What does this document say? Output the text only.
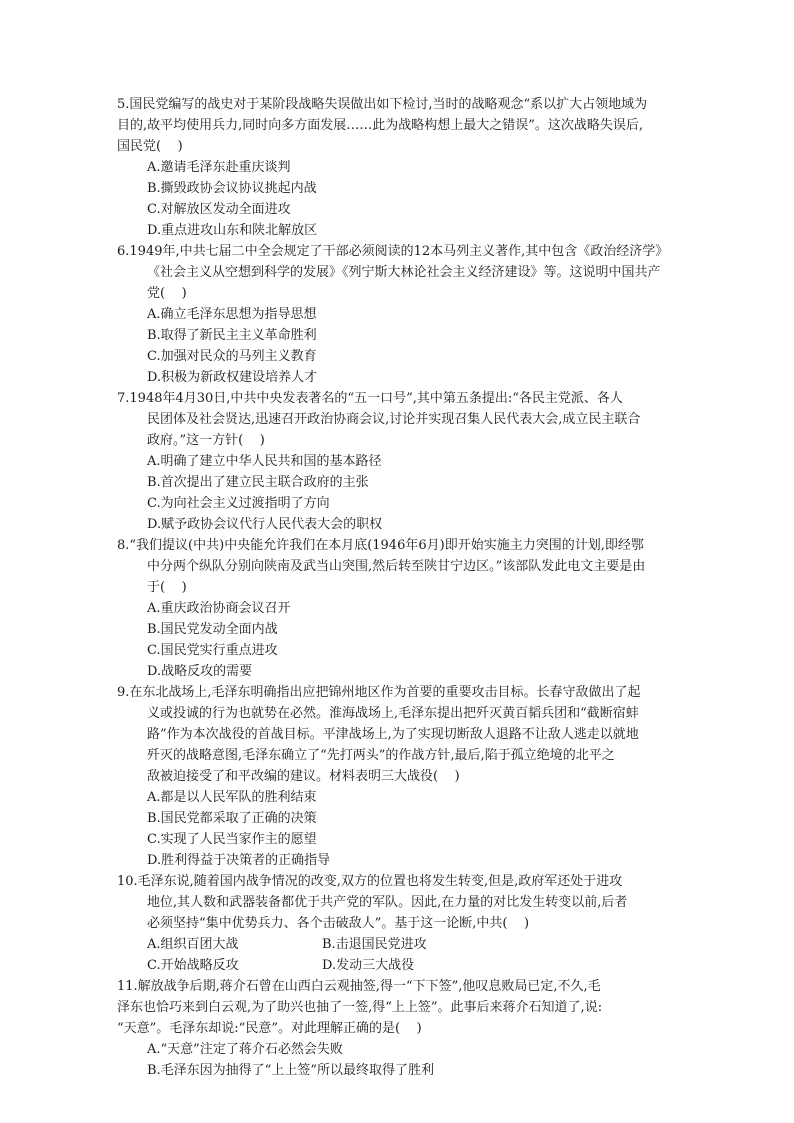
5.国民党编写的战史对于某阶段战略失误做出如下检讨,当时的战略观念“系以扩大占领地域为
目的,故平均使用兵力,同时向多方面发展……此为战略构想上最大之错误”。这次战略失误后,
国民党(    )
A.邀请毛泽东赴重庆谈判
B.撕毁政协会议协议挑起内战
C.对解放区发动全面进攻
D.重点进攻山东和陕北解放区
6.1949年,中共七届二中全会规定了干部必须阅读的12本马列主义著作,其中包含《政治经济学》
《社会主义从空想到科学的发展》《列宁斯大林论社会主义经济建设》等。这说明中国共产
党(    )
A.确立毛泽东思想为指导思想
B.取得了新民主主义革命胜利
C.加强对民众的马列主义教育
D.积极为新政权建设培养人才
7.1948年4月30日,中共中央发表著名的“五一口号”,其中第五条提出:“各民主党派、各人
民团体及社会贤达,迅速召开政治协商会议,讨论并实现召集人民代表大会,成立民主联合
政府。”这一方针(    )
A.明确了建立中华人民共和国的基本路径
B.首次提出了建立民主联合政府的主张
C.为向社会主义过渡指明了方向
D.赋予政协会议代行人民代表大会的职权
8.“我们提议(中共)中央能允许我们在本月底(1946年6月)即开始实施主力突围的计划,即经鄂
中分两个纵队分别向陕南及武当山突围,然后转至陕甘宁边区。”该部队发此电文主要是由
于(    )
A.重庆政治协商会议召开
B.国民党发动全面内战
C.国民党实行重点进攻
D.战略反攻的需要
9.在东北战场上,毛泽东明确指出应把锦州地区作为首要的重要攻击目标。长春守敌做出了起
义或投诚的行为也就势在必然。淮海战场上,毛泽东提出把歼灭黄百韬兵团和“截断宿蚌
路”作为本次战役的首战目标。平津战场上,为了实现切断敌人退路不让敌人逃走以就地
歼灭的战略意图,毛泽东确立了“先打两头”的作战方针,最后,陷于孤立绝境的北平之
敌被迫接受了和平改编的建议。材料表明三大战役(    )
A.都是以人民军队的胜利结束
B.国民党都采取了正确的决策
C.实现了人民当家作主的愿望
D.胜利得益于决策者的正确指导
10.毛泽东说,随着国内战争情况的改变,双方的位置也将发生转变,但是,政府军还处于进攻
地位,其人数和武器装备都优于共产党的军队。因此,在力量的对比发生转变以前,后者
必须坚持“集中优势兵力、各个击破敌人”。基于这一论断,中共(    )
A.组织百团大战	B.击退国民党进攻
C.开始战略反攻	D.发动三大战役
11.解放战争后期,蒋介石曾在山西白云观抽签,得一“下下签”,他叹息败局已定,不久,毛
泽东也恰巧来到白云观,为了助兴也抽了一签,得“上上签”。此事后来蒋介石知道了,说:
“天意”。毛泽东却说:“民意”。对此理解正确的是(    )
A.“天意”注定了蒋介石必然会失败
B.毛泽东因为抽得了“上上签”所以最终取得了胜利
